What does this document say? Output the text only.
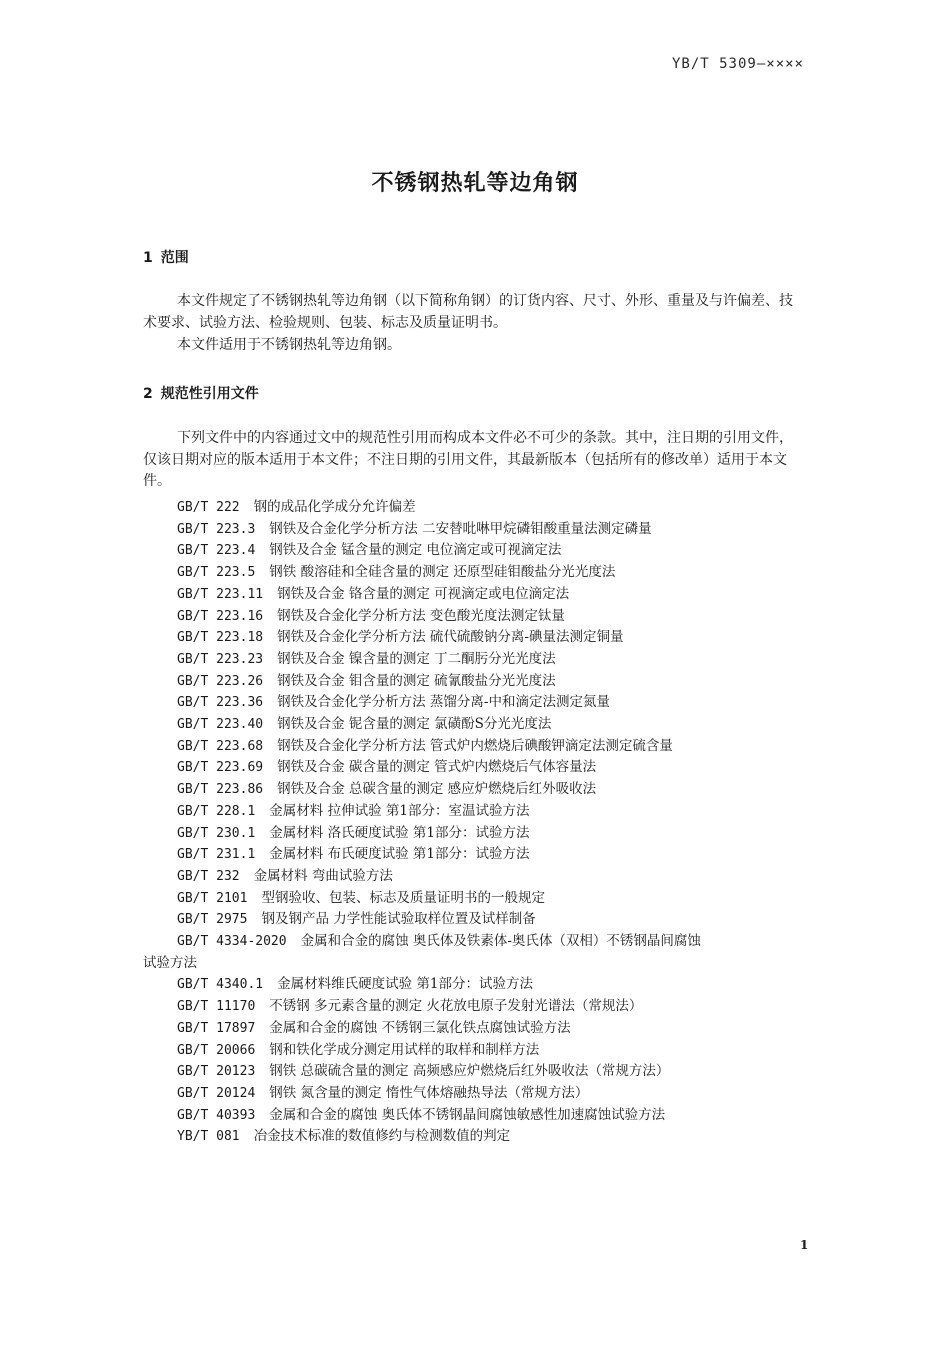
YB/T 5309—××××
不锈钢热轧等边角钢
1 范围

本文件规定了不锈钢热轧等边角钢（以下简称角钢）的订货内容、尺寸、外形、重量及与许偏差、技术要求、试验方法、检验规则、包装、标志及质量证明书。

本文件适用于不锈钢热轧等边角钢。

2 规范性引用文件

下列文件中的内容通过文中的规范性引用而构成本文件必不可少的条款。其中，注日期的引用文件，仅该日期对应的版本适用于本文件；不注日期的引用文件，其最新版本（包括所有的修改单）适用于本文件。

GB/T 222 钢的成品化学成分允许偏差
GB/T 223.3 钢铁及合金化学分析方法 二安替吡啉甲烷磷钼酸重量法测定磷量
GB/T 223.4 钢铁及合金 锰含量的测定 电位滴定或可视滴定法
GB/T 223.5 钢铁 酸溶硅和全硅含量的测定 还原型硅钼酸盐分光光度法
GB/T 223.11 钢铁及合金 铬含量的测定 可视滴定或电位滴定法
GB/T 223.16 钢铁及合金化学分析方法 变色酸光度法测定钛量
GB/T 223.18 钢铁及合金化学分析方法 硫代硫酸钠分离-碘量法测定铜量
GB/T 223.23 钢铁及合金 镍含量的测定 丁二酮肟分光光度法
GB/T 223.26 钢铁及合金 钼含量的测定 硫氰酸盐分光光度法
GB/T 223.36 钢铁及合金化学分析方法 蒸馏分离-中和滴定法测定氮量
GB/T 223.40 钢铁及合金 铌含量的测定 氯磺酚S分光光度法
GB/T 223.68 钢铁及合金化学分析方法 管式炉内燃烧后碘酸钾滴定法测定硫含量
GB/T 223.69 钢铁及合金 碳含量的测定 管式炉内燃烧后气体容量法
GB/T 223.86 钢铁及合金 总碳含量的测定 感应炉燃烧后红外吸收法
GB/T 228.1 金属材料 拉伸试验 第1部分：室温试验方法
GB/T 230.1 金属材料 洛氏硬度试验 第1部分：试验方法
GB/T 231.1 金属材料 布氏硬度试验 第1部分：试验方法
GB/T 232 金属材料 弯曲试验方法
GB/T 2101 型钢验收、包装、标志及质量证明书的一般规定
GB/T 2975 钢及钢产品 力学性能试验取样位置及试样制备
GB/T 4334-2020 金属和合金的腐蚀 奥氏体及铁素体-奥氏体（双相）不锈钢晶间腐蚀
试验方法
GB/T 4340.1 金属材料维氏硬度试验 第1部分：试验方法
GB/T 11170 不锈钢 多元素含量的测定 火花放电原子发射光谱法（常规法）
GB/T 17897 金属和合金的腐蚀 不锈钢三氯化铁点腐蚀试验方法
GB/T 20066 钢和铁化学成分测定用试样的取样和制样方法
GB/T 20123 钢铁 总碳硫含量的测定 高频感应炉燃烧后红外吸收法（常规方法）
GB/T 20124 钢铁 氮含量的测定 惰性气体熔融热导法（常规方法）
GB/T 40393 金属和合金的腐蚀 奥氏体不锈钢晶间腐蚀敏感性加速腐蚀试验方法
YB/T 081 冶金技术标准的数值修约与检测数值的判定
1
